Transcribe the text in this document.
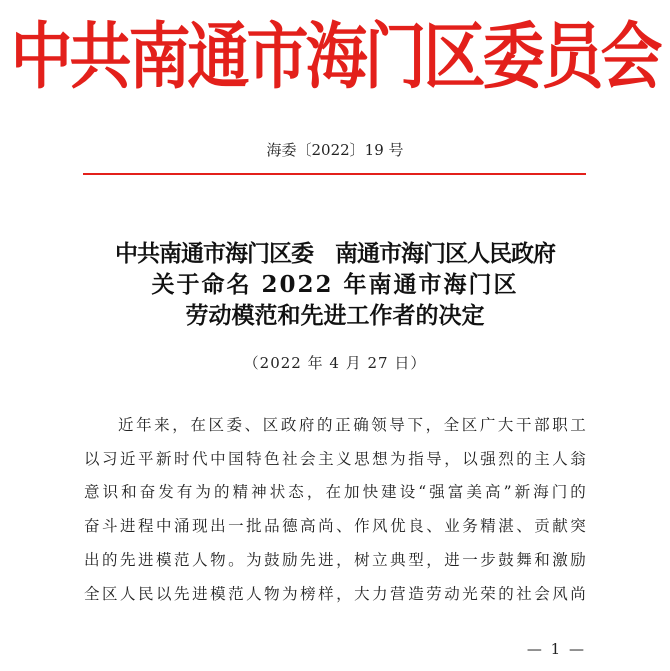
中共南通市海门区委员会
海委〔2022〕19 号
中共南通市海门区委　南通市海门区人民政府
关于命名 2022 年南通市海门区
劳动模范和先进工作者的决定
（2022 年 4 月 27 日）
近年来，在区委、区政府的正确领导下，全区广大干部职工
以习近平新时代中国特色社会主义思想为指导，以强烈的主人翁
意识和奋发有为的精神状态，在加快建设“强富美高”新海门的
奋斗进程中涌现出一批品德高尚、作风优良、业务精湛、贡献突
出的先进模范人物。为鼓励先进，树立典型，进一步鼓舞和激励
全区人民以先进模范人物为榜样，大力营造劳动光荣的社会风尚
— 1 —
